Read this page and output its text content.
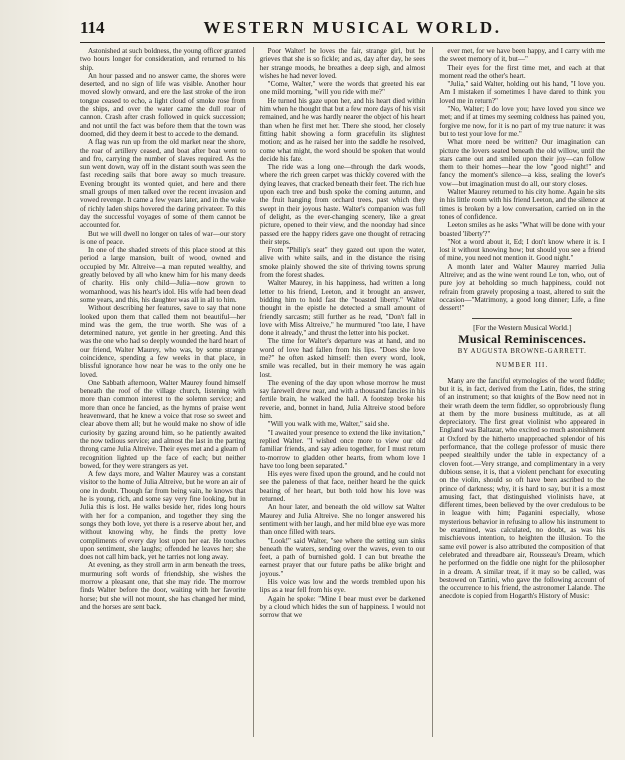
114	WESTERN MUSICAL WORLD.

Astonished at such boldness, the young officer granted two hours longer for consideration, and returned to his ship.

An hour passed and no answer came, the shores were deserted, and no sign of life was visible. Another hour moved slowly onward, and ere the last stroke of the iron tongue ceased to echo, a light cloud of smoke rose from the ships, and over the water came the dull roar of cannon. Crash after crash followed in quick succession; and not until the fact was before them that the town was doomed, did they deem it best to accede to the demand.

A flag was run up from the old market near the shore, the roar of artillery ceased, and boat after boat went to and fro, carrying the number of slaves required. As the sun went down, way off in the distant south was seen the fast receding sails that bore away so much treasure. Evening brought its wonted quiet, and here and there small groups of men talked over the recent invasion and vowed revenge. It came a few years later, and in the wake of richly laden ships hovered the daring privateer. To this day the successful voyages of some of them cannot be accounted for.

But we will dwell no longer on tales of war—our story is one of peace.

In one of the shaded streets of this place stood at this period a large mansion, built of wood, owned and occupied by Mr. Altreive—a man reputed wealthy, and greatly beloved by all who knew him for his many deeds of charity. His only child—Julia—now grown to womanhood, was his heart's idol. His wife had been dead some years, and this, his daughter was all in all to him.

Without describing her features, save to say that none looked upon them that called them not beautiful—her mind was the gem, the true worth. She was of a determined nature, yet gentle in her greeting. And this was the one who had so deeply wounded the hard heart of our friend, Walter Maurey, who was, by some strange coincidence, spending a few weeks in that place, in blissful ignorance how near he was to the only one he loved.

One Sabbath afternoon, Walter Maurey found himself beneath the roof of the village church, listening with more than common interest to the solemn service; and more than once he fancied, as the hymns of praise went heavenward, that he knew a voice that rose so sweet and clear above them all; but he would make no show of idle curiosity by gazing around him, so he patiently awaited the now tedious service; and almost the last in the parting throng came Julia Altreive. Their eyes met and a gleam of recognition lighted up the face of each; but neither bowed, for they were strangers as yet.

A few days more, and Walter Maurey was a constant visitor to the home of Julia Altreive, but he wore an air of one in doubt. Though far from being vain, he knows that he is young, rich, and some say very fine looking, but in Julia this is lost. He walks beside her, rides long hours with her for a companion, and together they sing the songs they both love, yet there is a reserve about her, and without knowing why, he finds the pretty love compliments of every day lost upon her ear. He touches upon sentiment, she laughs; offended he leaves her; she does not call him back, yet he tarries not long away.

At evening, as they stroll arm in arm beneath the trees, murmuring soft words of friendship, she wishes the morrow a pleasant one, that she may ride. The morrow finds Walter before the door, waiting with her favorite horse; but she will not mount, she has changed her mind, and the horses are sent back.

Poor Walter! he loves the fair, strange girl, but he grieves that she is so fickle; and as, day after day, he sees her strange moods, he breathes a deep sigh, and almost wishes he had never loved.

"Come, Walter," were the words that greeted his ear one mild morning, "will you ride with me?"

He turned his gaze upon her, and his heart died within him when he thought that but a few more days of his visit remained, and he was hardly nearer the object of his heart than when he first met her. There she stood, her closely fitting habit showing a form gracefulin its slightest motion; and as he raised her into the saddle he resolved, come what might, the word should be spoken that would decide his fate.

The ride was a long one—through the dark woods, where the rich green carpet was thickly covered with the dying leaves, that cracked beneath their feet. The rich hue upon each tree and bush spoke the coming autumn, and the fruit hanging from orchard trees, past which they swept in their joyous haste. Walter's companion was full of delight, as the ever-changing scenery, like a great picture, opened to their view, and the noonday had since passed ere the happy riders gave one thought of retracing their steps.

From "Philip's seat" they gazed out upon the water, alive with white sails, and in the distance the rising smoke plainly showed the site of thriving towns sprung from the forest shades.

Walter Maurey, in his happiness, had written a long letter to his friend, Leeton, and it brought an answer, bidding him to hold fast the "boasted liberty." Walter thought in the epistle he detected a small amount of friendly sarcasm; still further as he read, "Don't fall in love with Miss Altreive," he murmured "too late, I have done it already," and thrust the letter into his pocket.

The time for Walter's departure was at hand, and no word of love had fallen from his lips. "Does she love me?" he often asked himself: then every word, look, smile was recalled, but in their memory he was again lost.

The evening of the day upon whose morrow he must say farewell drew near, and with a thousand fancies in his fertile brain, he walked the hall. A footstep broke his reverie, and, bonnet in hand, Julia Altreive stood before him.

"Will you walk with me, Walter," said she.

"I awaited your presence to extend the like invitation," replied Walter. "I wished once more to view our old familiar friends, and say adieu together, for I must return to-morrow to gladden other hearts, from whom love I have too long been separated."

His eyes were fixed upon the ground, and he could not see the paleness of that face, neither heard he the quick beating of her heart, but both told how his love was returned.

An hour later, and beneath the old willow sat Walter Maurey and Julia Altreive. She no longer answered his sentiment with her laugh, and her mild blue eye was more than once filled with tears.

"Look!" said Walter, "see where the setting sun sinks beneath the waters, sending over the waves, even to our feet, a path of burnished gold. I can but breathe the earnest prayer that our future paths be alike bright and joyous."

His voice was low and the words trembled upon his lips as a tear fell from his eye.

Again he spoke: "Mine I bear must ever be darkened by a cloud which hides the sun of happiness. I would not sorrow that we

ever met, for we have been happy, and I carry with me the sweet memory of it, but—"

Their eyes for the first time met, and each at that moment read the other's heart.

"Julia," said Walter, holding out his hand, "I love you. Am I mistaken if sometimes I have dared to think you loved me in return?"

"No, Walter; I do love you; have loved you since we met; and if at times my seeming coldness has pained you, forgive me now, for it is no part of my true nature: it was but to test your love for me."

What more need be written? Our imagination can picture the lovers seated beneath the old willow, until the stars came out and smiled upon their joy—can follow them to their homes—hear the low "good night!" and fancy the moment's silence—a kiss, sealing the lover's vow—but imagination must do all, our story closes.

Walter Maurey returned to his city home. Again he sits in his little room with his friend Leeton, and the silence at times is broken by a low conversation, carried on in the tones of confidence.

Leeton smiles as he asks "What will be done with your boasted 'liberty'?"

"Not a word about it, Ed; I don't know where it is. I lost it without knowing how; but should you see a friend of mine, you need not mention it. Good night."

A month later and Walter Maurey married Julia Altreive; and as the wine went round Le ton, who, out of pure joy at beholding so much happiness, could not refrain from gravely proposing a toast, altered to suit the occasion—"Matrimony, a good long dinner; Life, a fine dessert!"

[For the Western Musical World.]
Musical Reminiscences.
BY AUGUSTA BROWNE-GARRETT.
NUMBER III.

Many are the fanciful etymologies of the word fiddle; but it is, in fact, derived from the Latin, fides, the string of an instrument; so that knights of the Bow need not in their wrath deem the term fiddler, so opprobriously flung at them by the more business multitude, as at all depreciatory. The first great violinist who appeared in England was Baltazar, who excited so much astonishment at Oxford by the hitherto unapproached splendor of his performance, that the college professor of music there peeped stealthily under the table in expectancy of a cloven foot.—Very strange, and complimentary in a very dubious sense, it is, that a violent penchant for executing on the violin, should so oft have been ascribed to the prince of darkness; why, it is hard to say, but it is a most amusing fact, that distinguished violinists have, at different times, been believed by the over credulous to be in league with him; Paganini especially, whose mysterious behavior in refusing to allow his instrument to be examined, was calculated, no doubt, as was his mischievous intention, to heighten the illusion. To the same evil power is also attributed the composition of that celebrated and threadbare air, Rousseau's Dream, which he performed on the fiddle one night for the philosopher in a dream. A similar treat, if it may so be called, was bestowed on Tartini, who gave the following account of the occurrence to his friend, the astronomer Lalande. The anecdote is copied from Hogarth's History of Music:
